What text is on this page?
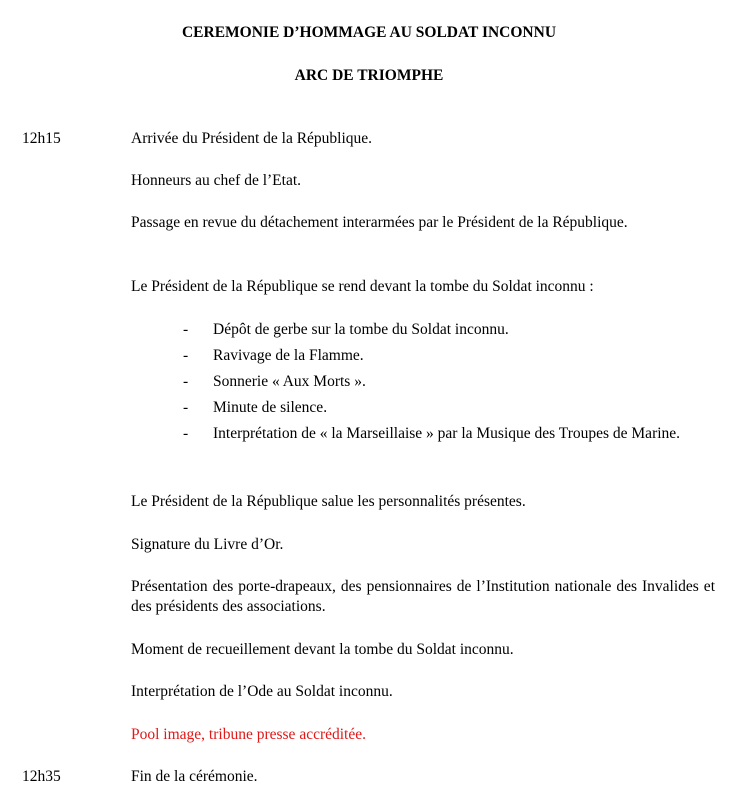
CEREMONIE D’HOMMAGE AU SOLDAT INCONNU
ARC DE TRIOMPHE
12h15	Arrivée du Président de la République.
Honneurs au chef de l’Etat.
Passage en revue du détachement interarmées par le Président de la République.
Le Président de la République se rend devant la tombe du Soldat inconnu :
-	Dépôt de gerbe sur la tombe du Soldat inconnu.
-	Ravivage de la Flamme.
-	Sonnerie « Aux Morts ».
-	Minute de silence.
-	Interprétation de « la Marseillaise » par la Musique des Troupes de Marine.
Le Président de la République salue les personnalités présentes.
Signature du Livre d’Or.
Présentation des porte-drapeaux, des pensionnaires de l’Institution nationale des Invalides et des présidents des associations.
Moment de recueillement devant la tombe du Soldat inconnu.
Interprétation de l’Ode au Soldat inconnu.
Pool image, tribune presse accréditée.
12h35	Fin de la cérémonie.
